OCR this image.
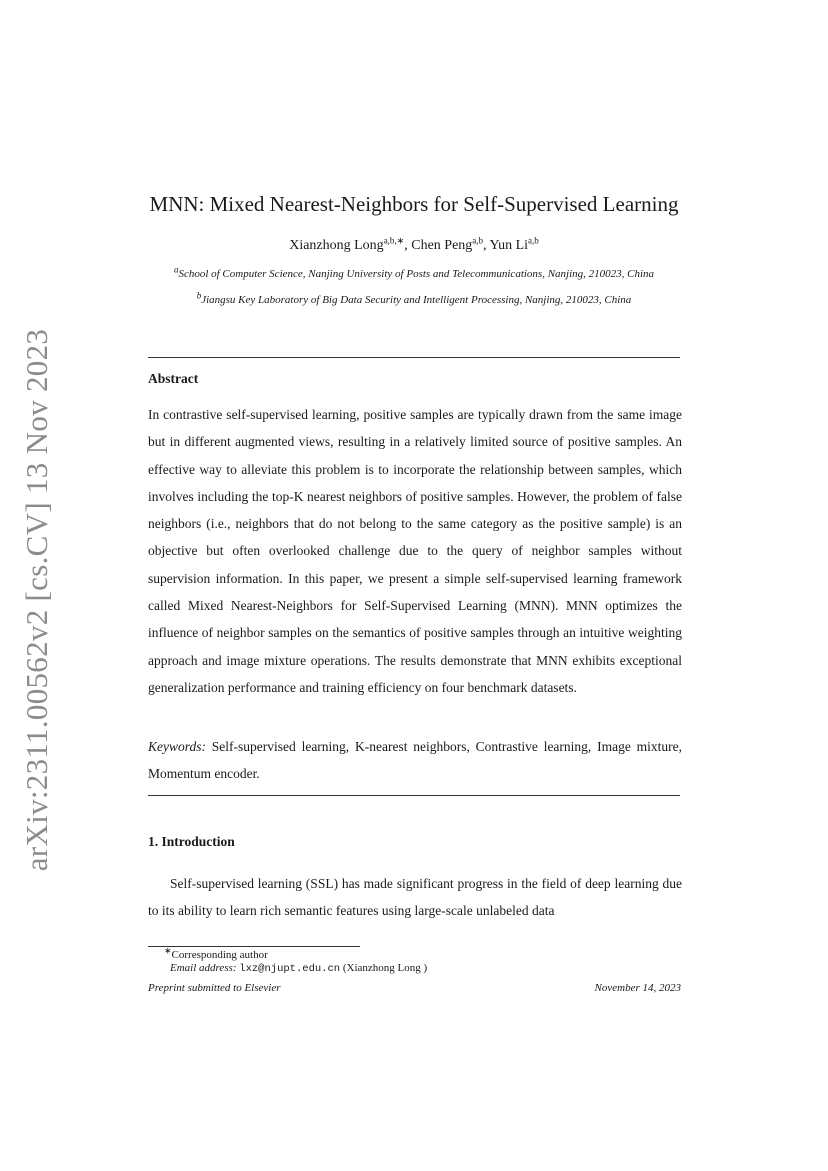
arXiv:2311.00562v2 [cs.CV] 13 Nov 2023
MNN: Mixed Nearest-Neighbors for Self-Supervised Learning
Xianzhong Long$^{a,b,∗}$, Chen Peng$^{a,b}$, Yun Li$^{a,b}$
$^a$School of Computer Science, Nanjing University of Posts and Telecommunications, Nanjing, 210023, China
$^b$Jiangsu Key Laboratory of Big Data Security and Intelligent Processing, Nanjing, 210023, China
Abstract
In contrastive self-supervised learning, positive samples are typically drawn from the same image but in different augmented views, resulting in a relatively limited source of positive samples. An effective way to alleviate this problem is to incorporate the relationship between samples, which involves including the top-K nearest neighbors of positive samples. However, the problem of false neighbors (i.e., neighbors that do not belong to the same category as the positive sample) is an objective but often overlooked challenge due to the query of neighbor samples without supervision information. In this paper, we present a simple self-supervised learning framework called Mixed Nearest-Neighbors for Self-Supervised Learning (MNN). MNN optimizes the influence of neighbor samples on the semantics of positive samples through an intuitive weighting approach and image mixture operations. The results demonstrate that MNN exhibits exceptional generalization performance and training efficiency on four benchmark datasets.
Keywords: Self-supervised learning, K-nearest neighbors, Contrastive learning, Image mixture, Momentum encoder.
1. Introduction
Self-supervised learning (SSL) has made significant progress in the field of deep learning due to its ability to learn rich semantic features using large-scale unlabeled data
∗Corresponding author
Email address: lxz@njupt.edu.cn (Xianzhong Long )
Preprint submitted to Elsevier	November 14, 2023
